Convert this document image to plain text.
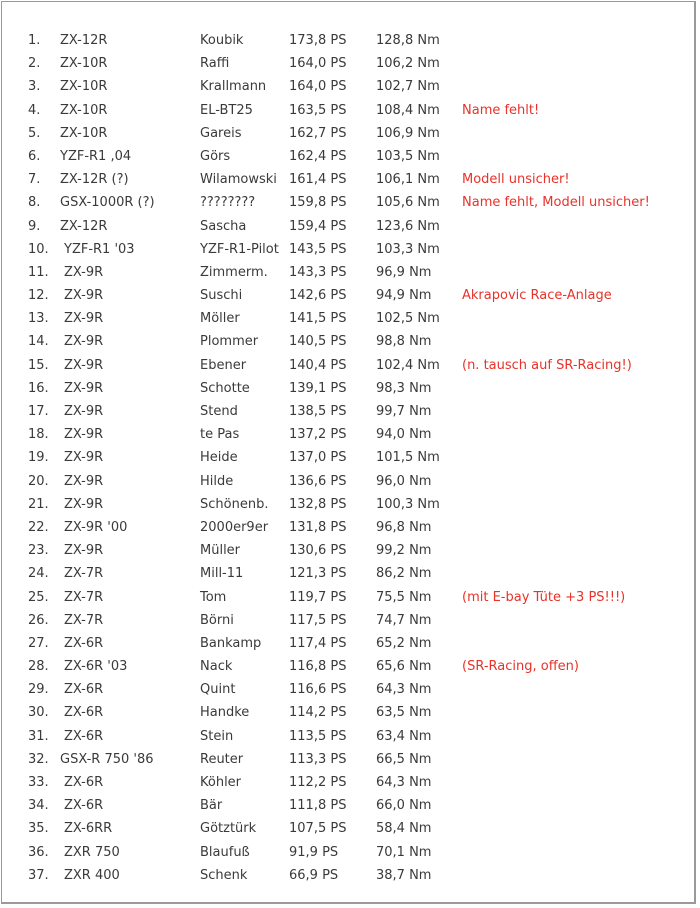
1. ZX-12R	Koubik	173,8 PS 128,8 Nm
2. ZX-10R	Raffi	164,0 PS 106,2 Nm
3. ZX-10R	Krallmann 164,0 PS 102,7 Nm
4. ZX-10R	EL-BT25	163,5 PS 108,4 Nm Name fehlt!
5. ZX-10R	Gareis	162,7 PS 106,9 Nm
6. YZF-R1 ,04	Görs	162,4 PS 103,5 Nm
7. ZX-12R (?)	Wilamowski 161,4 PS 106,1 Nm Modell unsicher!
8. GSX-1000R (?)	????????	159,8 PS 105,6 Nm Name fehlt, Modell unsicher!
9. ZX-12R	Sascha	159,4 PS 123,6 Nm
10. YZF-R1 '03	YZF-R1-Pilot 143,5 PS 103,3 Nm
11. ZX-9R	Zimmerm. 143,3 PS 96,9 Nm
12. ZX-9R	Suschi	142,6 PS 94,9 Nm Akrapovic Race-Anlage
13. ZX-9R	Möller	141,5 PS 102,5 Nm
14. ZX-9R	Plommer 140,5 PS 98,8 Nm
15. ZX-9R	Ebener	140,4 PS 102,4 Nm (n. tausch auf SR-Racing!)
16. ZX-9R	Schotte	139,1 PS 98,3 Nm
17. ZX-9R	Stend	138,5 PS 99,7 Nm
18. ZX-9R	te Pas	137,2 PS 94,0 Nm
19. ZX-9R	Heide	137,0 PS 101,5 Nm
20. ZX-9R	Hilde	136,6 PS 96,0 Nm
21. ZX-9R	Schönenb. 132,8 PS 100,3 Nm
22. ZX-9R '00	2000er9er 131,8 PS 96,8 Nm
23. ZX-9R	Müller	130,6 PS 99,2 Nm
24. ZX-7R	Mill-11	121,3 PS 86,2 Nm
25. ZX-7R	Tom	119,7 PS 75,5 Nm (mit E-bay Tüte +3 PS!!!)
26. ZX-7R	Börni	117,5 PS 74,7 Nm
27. ZX-6R	Bankamp 117,4 PS 65,2 Nm
28. ZX-6R '03	Nack	116,8 PS 65,6 Nm (SR-Racing, offen)
29. ZX-6R	Quint	116,6 PS 64,3 Nm
30. ZX-6R	Handke	114,2 PS 63,5 Nm
31. ZX-6R	Stein	113,5 PS 63,4 Nm
32. GSX-R 750 '86	Reuter	113,3 PS 66,5 Nm
33. ZX-6R	Köhler	112,2 PS 64,3 Nm
34. ZX-6R	Bär	111,8 PS 66,0 Nm
35. ZX-6RR	Götztürk	107,5 PS 58,4 Nm
36. ZXR 750	Blaufuß	91,9 PS	70,1 Nm
37. ZXR 400	Schenk	66,9 PS	38,7 Nm
